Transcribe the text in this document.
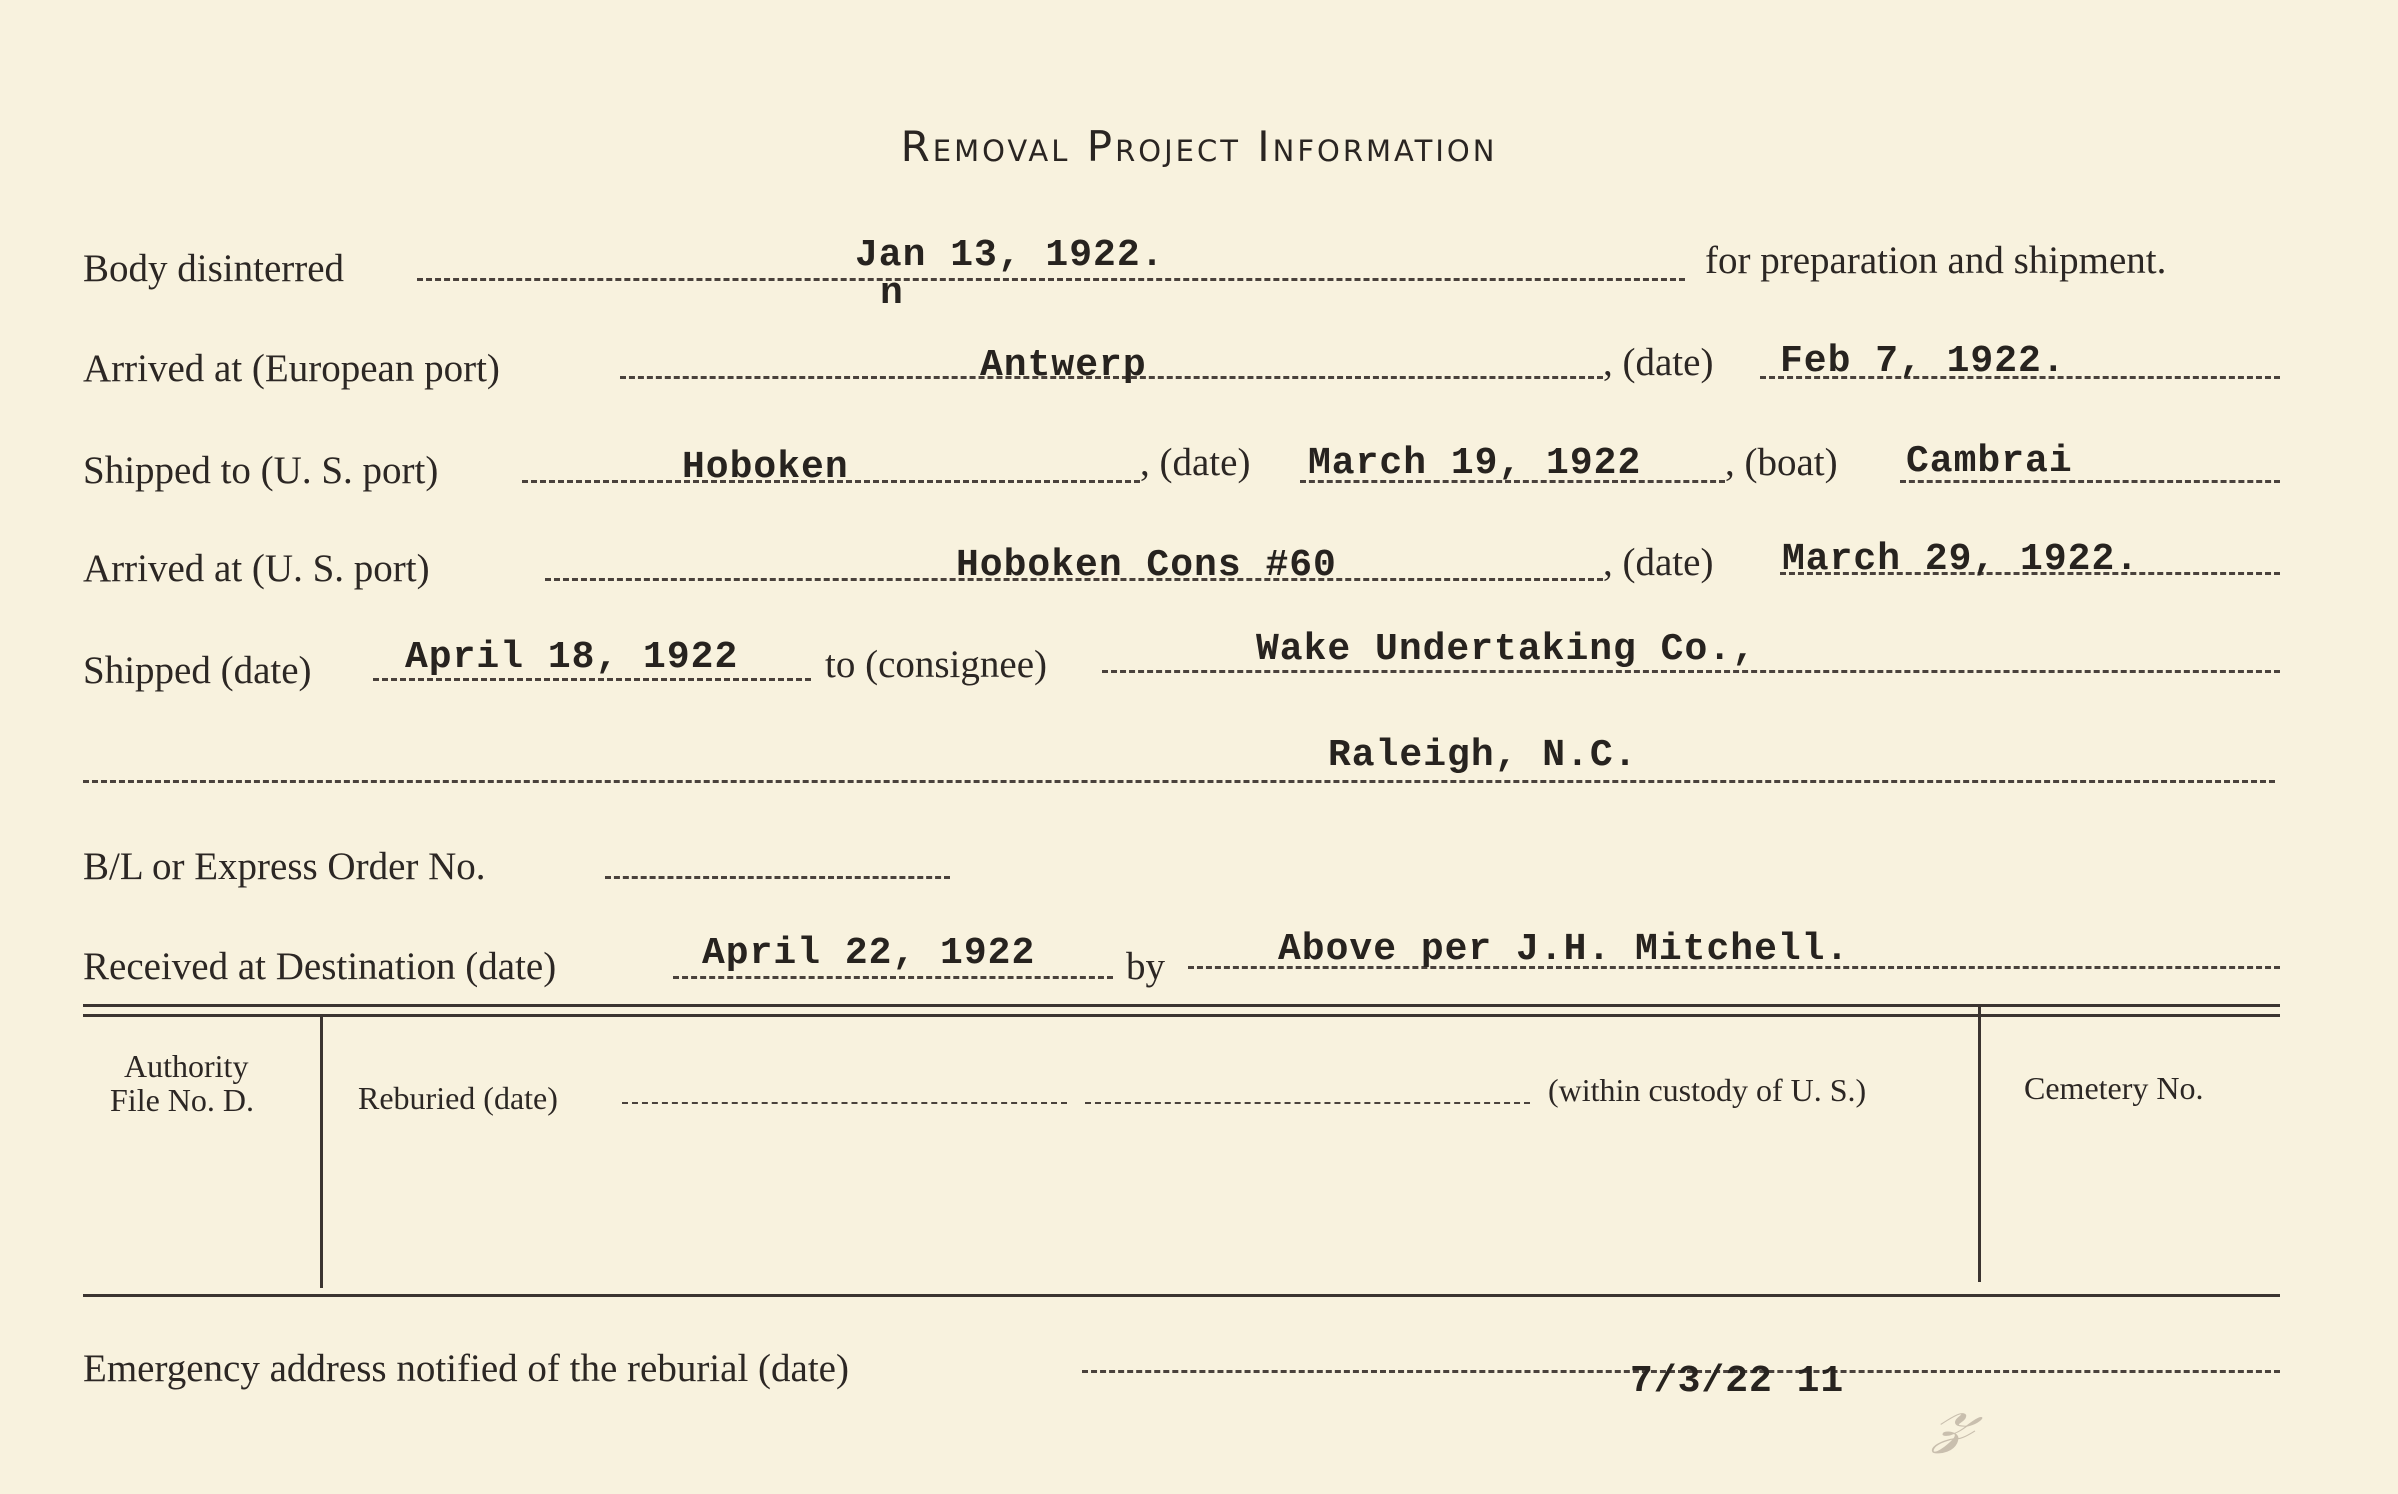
Removal Project Information
Body disinterred	Jan 13, 1922.
n
for preparation and shipment.
Arrived at (European port)	Antwerp	, (date) Feb 7, 1922.
Shipped to (U. S. port)	Hoboken	, (date) March 19, 1922 , (boat) Cambrai
Arrived at (U. S. port)	Hoboken Cons #60	, (date) March 29, 1922.
Shipped (date) April 18, 1922 to (consignee)	Wake Undertaking Co.,
Raleigh, N.C.
B/L or Express Order No.
Received at Destination (date)	April 22, 1922 by	Above per J.H. Mitchell.
Authority
File No. D.	Reburied (date)	(within custody of U. S.)	Cemetery No.
Emergency address notified of the reburial (date)	7/3/22 11 𝓏
